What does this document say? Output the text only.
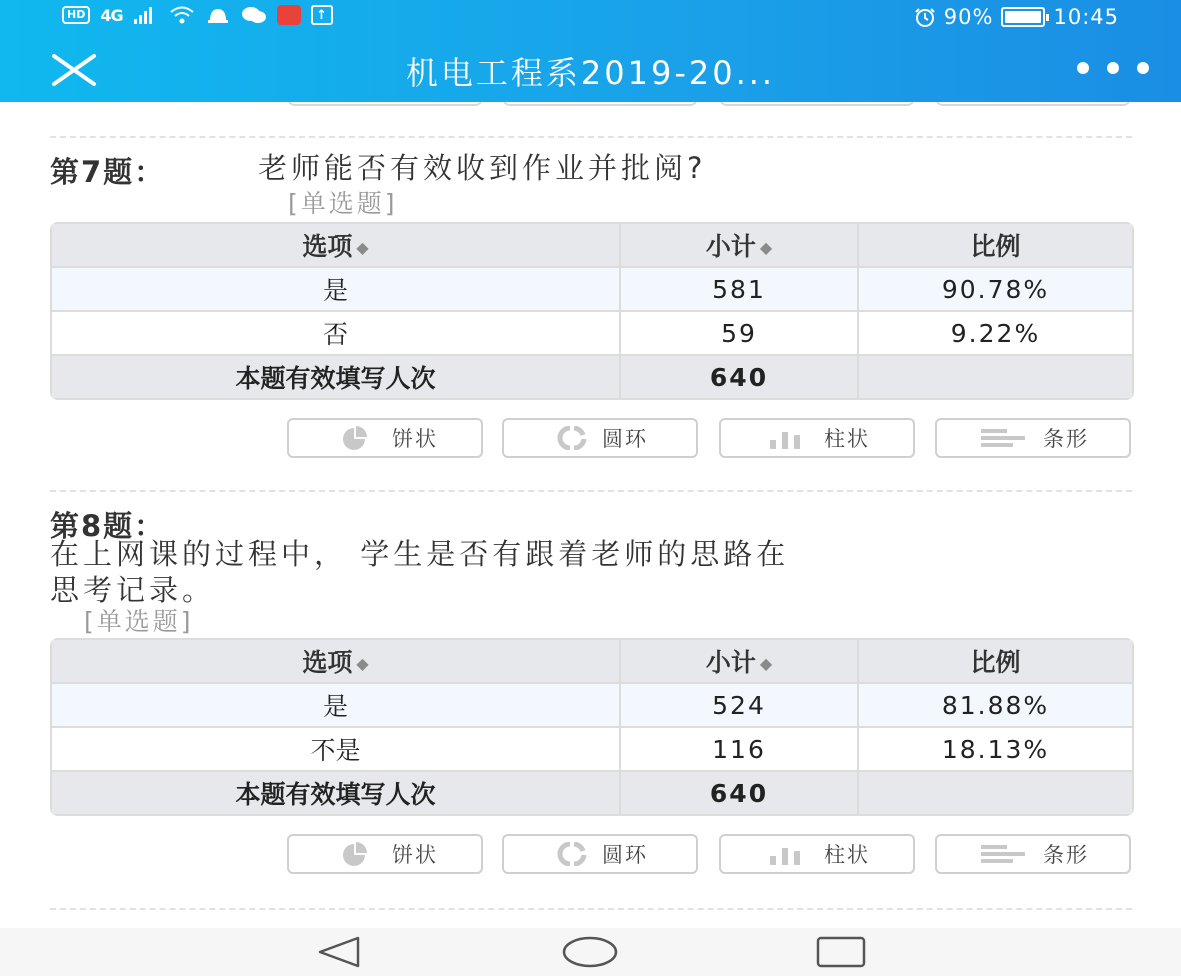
HD 4G	↑	90%	10:45
机电工程系2019-20...
第7题：	老师能否有效收到作业并批阅?
[单选题]
选项 ◆	小计 ◆	比例
是	581	90.78%
否	59	9.22%
本题有效填写人次	640	
饼状	圆环	柱状	条形
第8题：
在上网课的过程中， 学生是否有跟着老师的思路在
思考记录。
[单选题]
选项 ◆	小计 ◆	比例
是	524	81.88%
不是	116	18.13%
本题有效填写人次	640	
饼状	圆环	柱状	条形
